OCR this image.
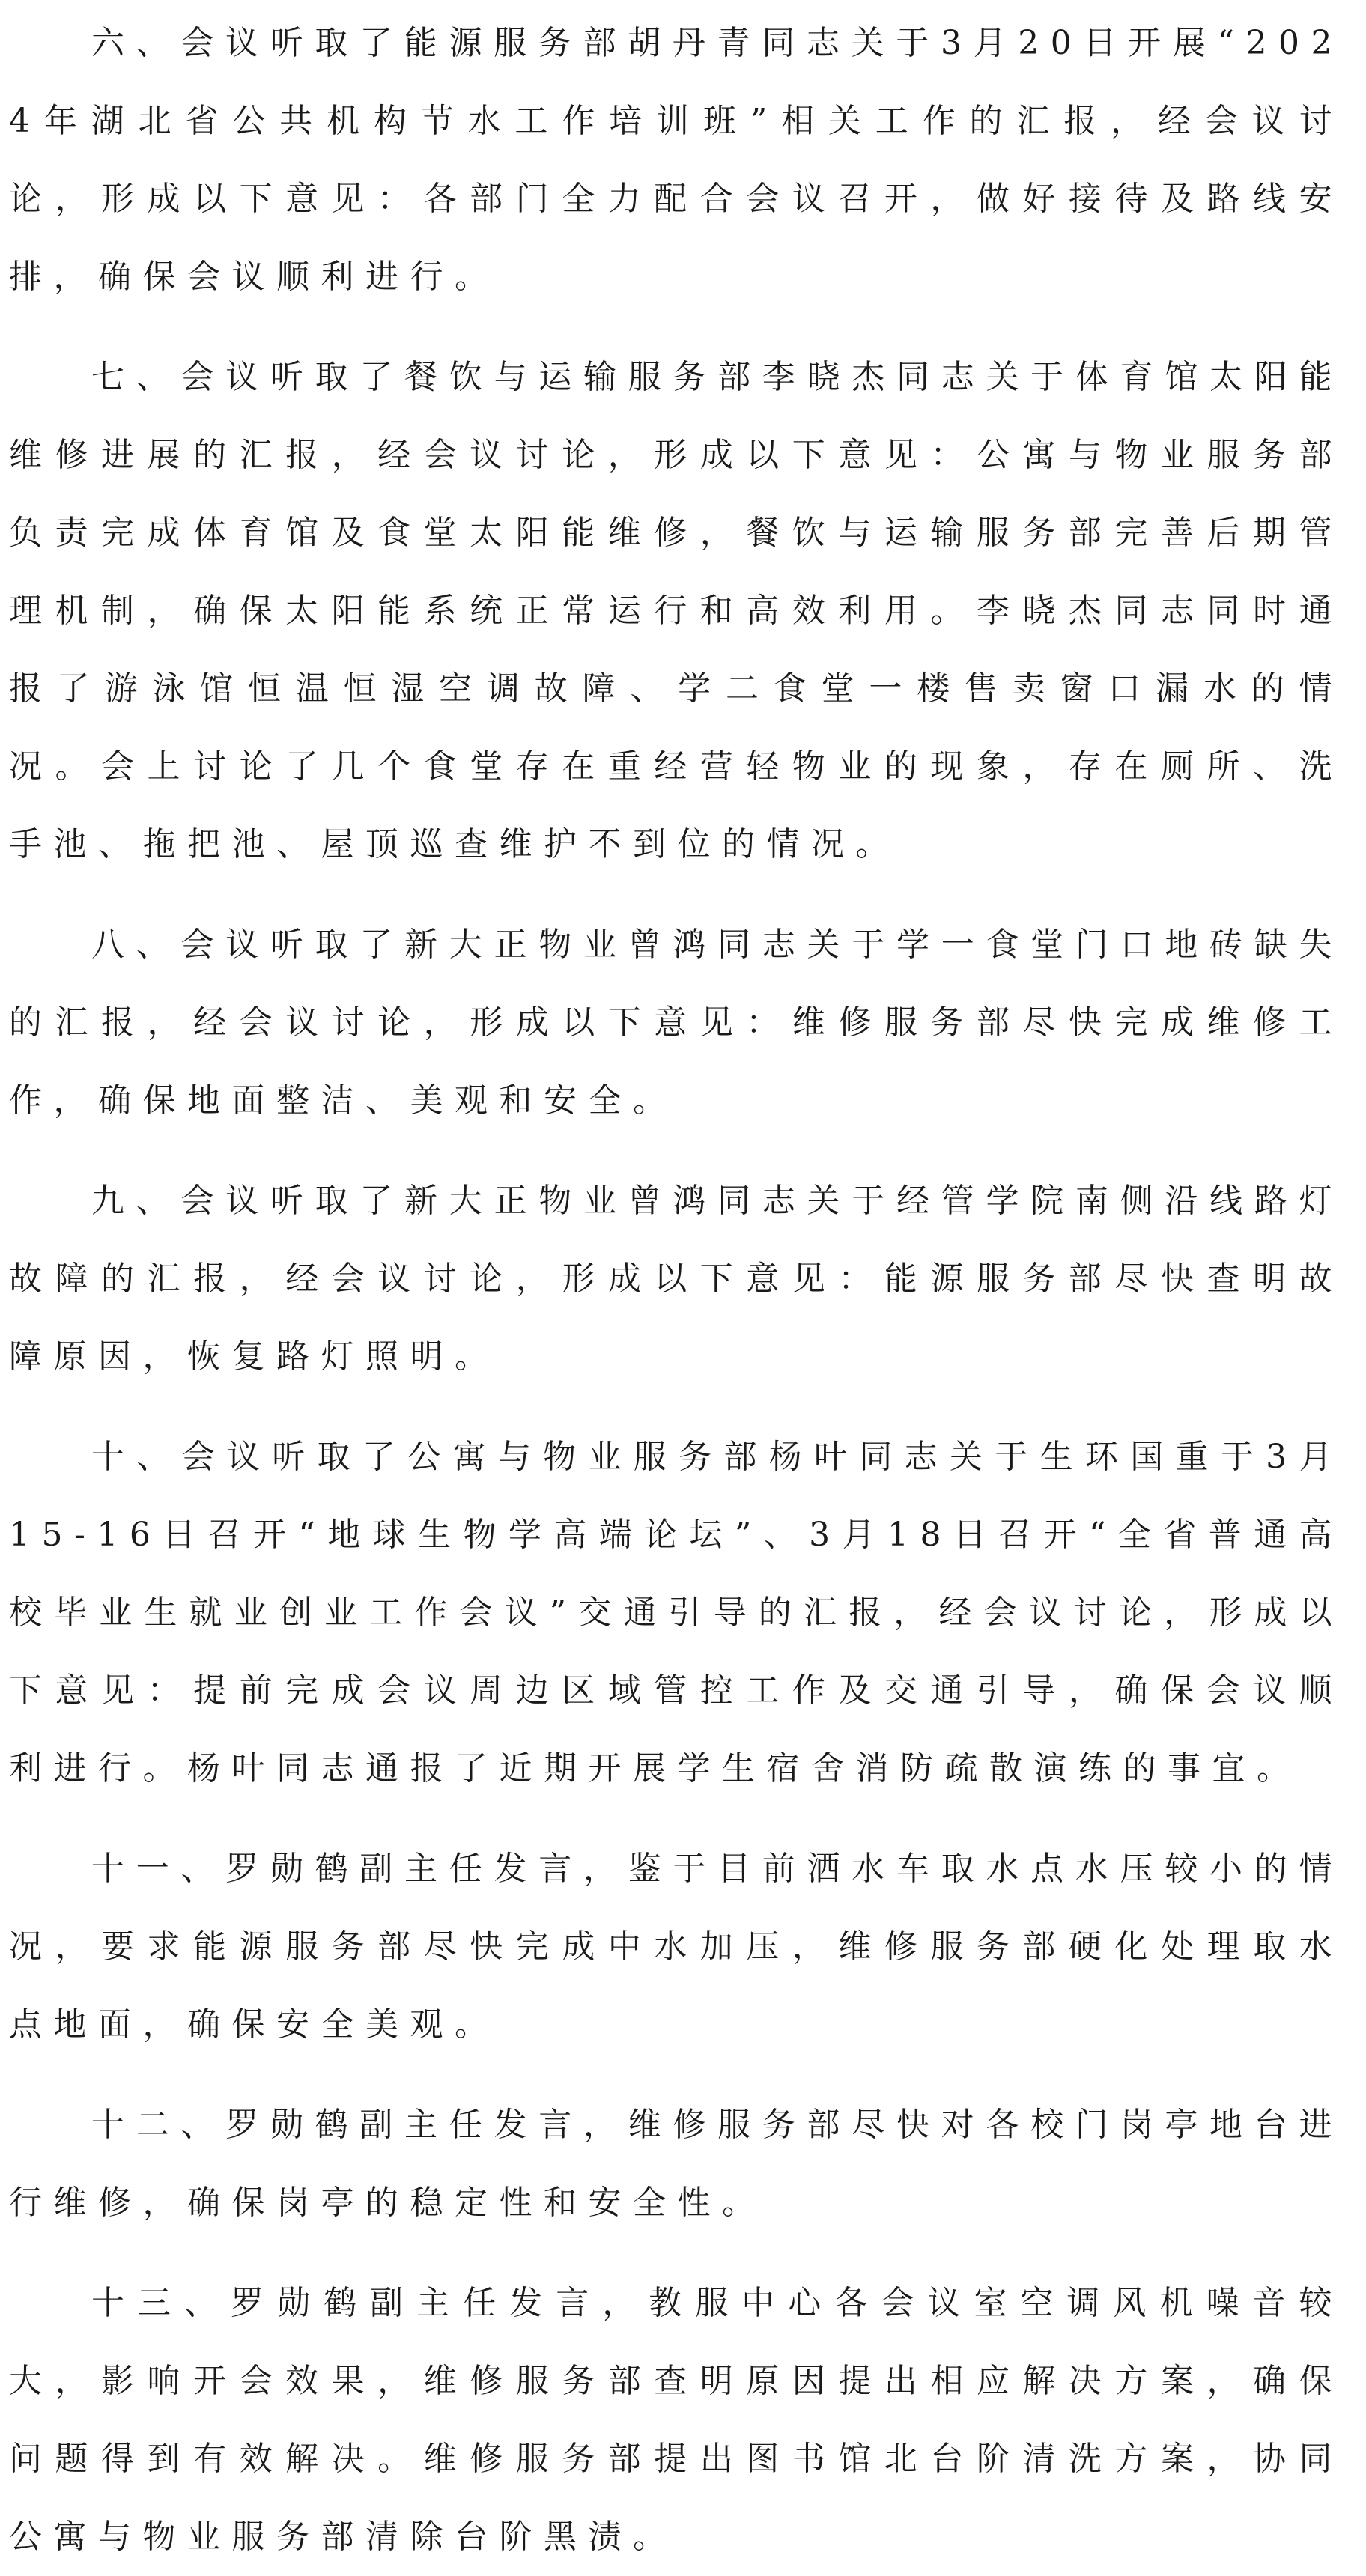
六、会议听取了能源服务部胡丹青同志关于3月20日开展“2024年湖北省公共机构节水工作培训班”相关工作的汇报，经会议讨论，形成以下意见：各部门全力配合会议召开，做好接待及路线安排，确保会议顺利进行。

七、会议听取了餐饮与运输服务部李晓杰同志关于体育馆太阳能维修进展的汇报，经会议讨论，形成以下意见：公寓与物业服务部负责完成体育馆及食堂太阳能维修，餐饮与运输服务部完善后期管理机制，确保太阳能系统正常运行和高效利用。李晓杰同志同时通报了游泳馆恒温恒湿空调故障、学二食堂一楼售卖窗口漏水的情况。会上讨论了几个食堂存在重经营轻物业的现象，存在厕所、洗手池、拖把池、屋顶巡查维护不到位的情况。

八、会议听取了新大正物业曾鸿同志关于学一食堂门口地砖缺失的汇报，经会议讨论，形成以下意见：维修服务部尽快完成维修工作，确保地面整洁、美观和安全。

九、会议听取了新大正物业曾鸿同志关于经管学院南侧沿线路灯故障的汇报，经会议讨论，形成以下意见：能源服务部尽快查明故障原因，恢复路灯照明。

十、会议听取了公寓与物业服务部杨叶同志关于生环国重于3月15-16日召开“地球生物学高端论坛”、3月18日召开“全省普通高校毕业生就业创业工作会议”交通引导的汇报，经会议讨论，形成以下意见：提前完成会议周边区域管控工作及交通引导，确保会议顺利进行。杨叶同志通报了近期开展学生宿舍消防疏散演练的事宜。

十一、罗勋鹤副主任发言，鉴于目前洒水车取水点水压较小的情况，要求能源服务部尽快完成中水加压，维修服务部硬化处理取水点地面，确保安全美观。

十二、罗勋鹤副主任发言，维修服务部尽快对各校门岗亭地台进行维修，确保岗亭的稳定性和安全性。

十三、罗勋鹤副主任发言，教服中心各会议室空调风机噪音较大，影响开会效果，维修服务部查明原因提出相应解决方案，确保问题得到有效解决。维修服务部提出图书馆北台阶清洗方案，协同公寓与物业服务部清除台阶黑渍。
